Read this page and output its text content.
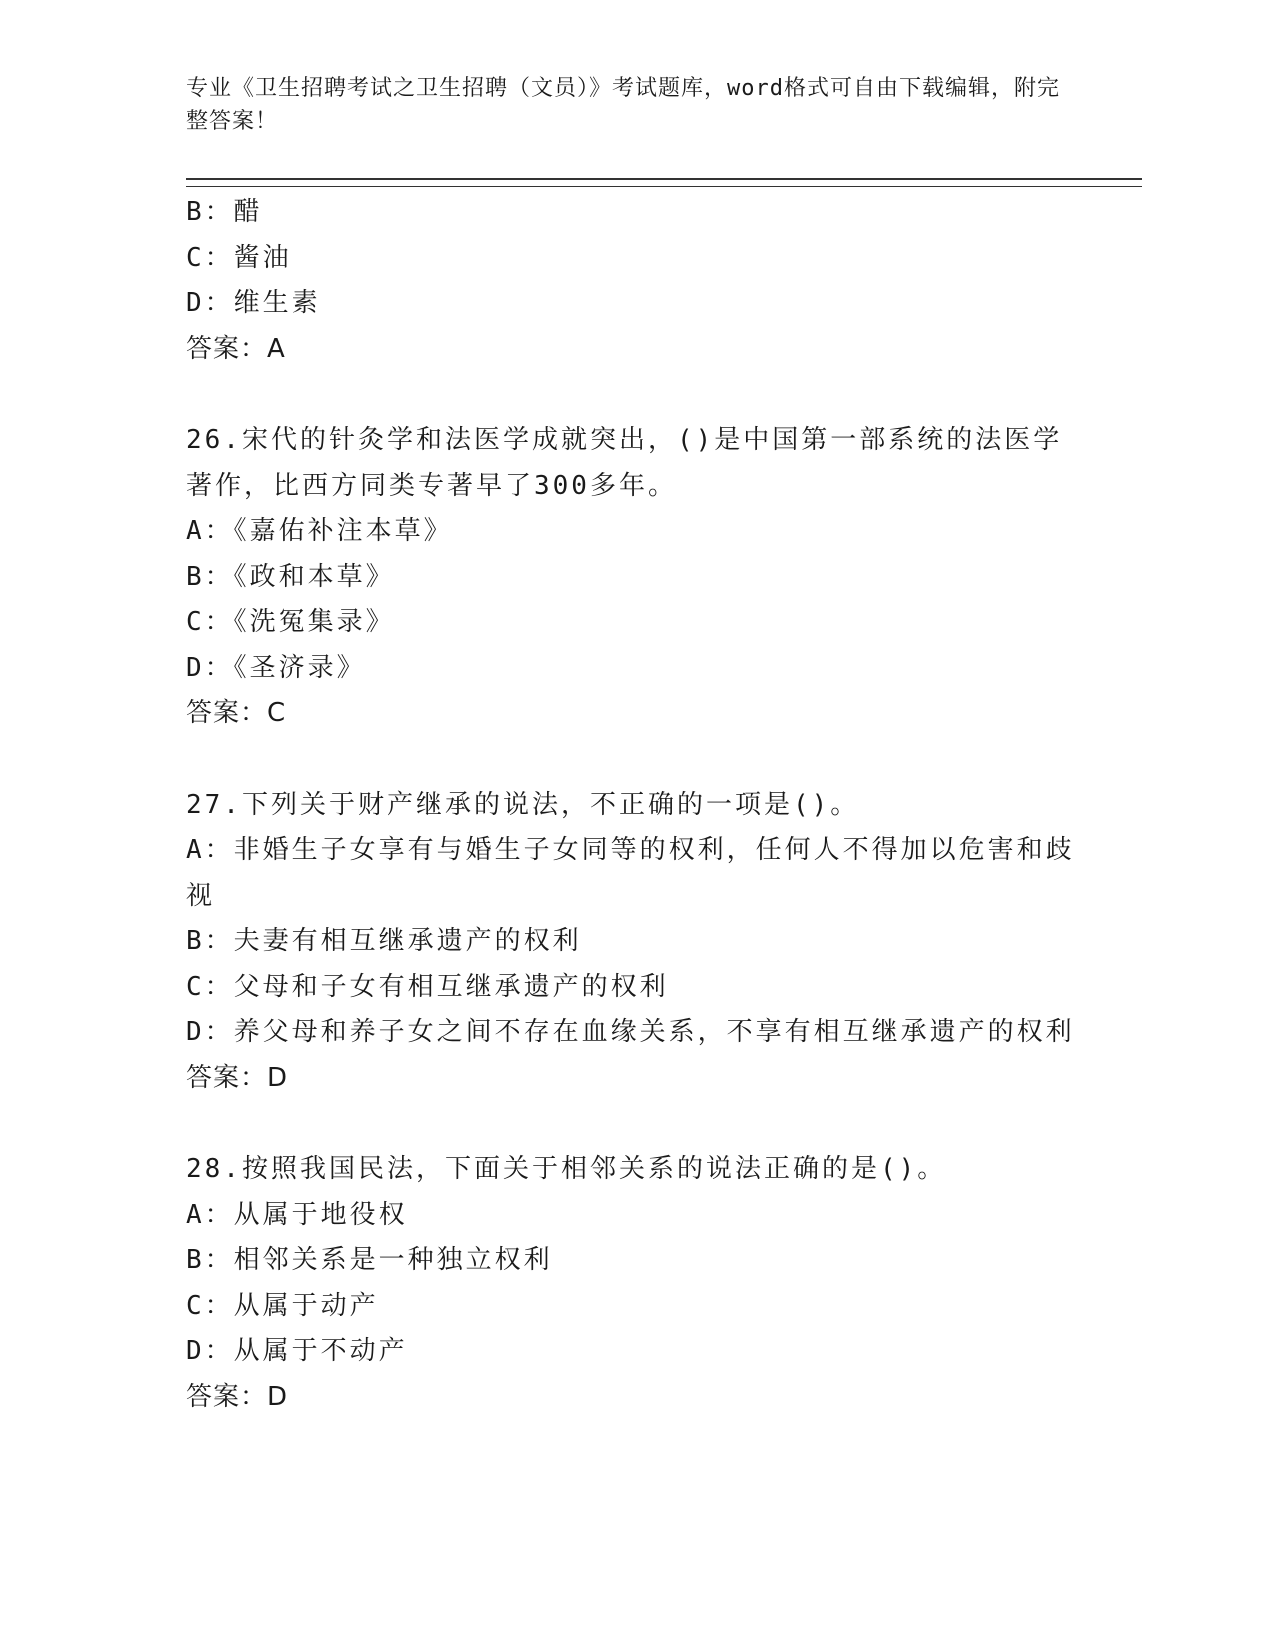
专业《卫生招聘考试之卫生招聘（文员）》考试题库，word格式可自由下载编辑，附完整答案！
B：醋
C：酱油
D：维生素
答案：A
26.宋代的针灸学和法医学成就突出，()是中国第一部系统的法医学著作，比西方同类专著早了300多年。
A：《嘉佑补注本草》
B：《政和本草》
C：《洗冤集录》
D：《圣济录》
答案：C
27.下列关于财产继承的说法，不正确的一项是()。
A：非婚生子女享有与婚生子女同等的权利，任何人不得加以危害和歧视
B：夫妻有相互继承遗产的权利
C：父母和子女有相互继承遗产的权利
D：养父母和养子女之间不存在血缘关系，不享有相互继承遗产的权利
答案：D
28.按照我国民法，下面关于相邻关系的说法正确的是()。
A：从属于地役权
B：相邻关系是一种独立权利
C：从属于动产
D：从属于不动产
答案：D
